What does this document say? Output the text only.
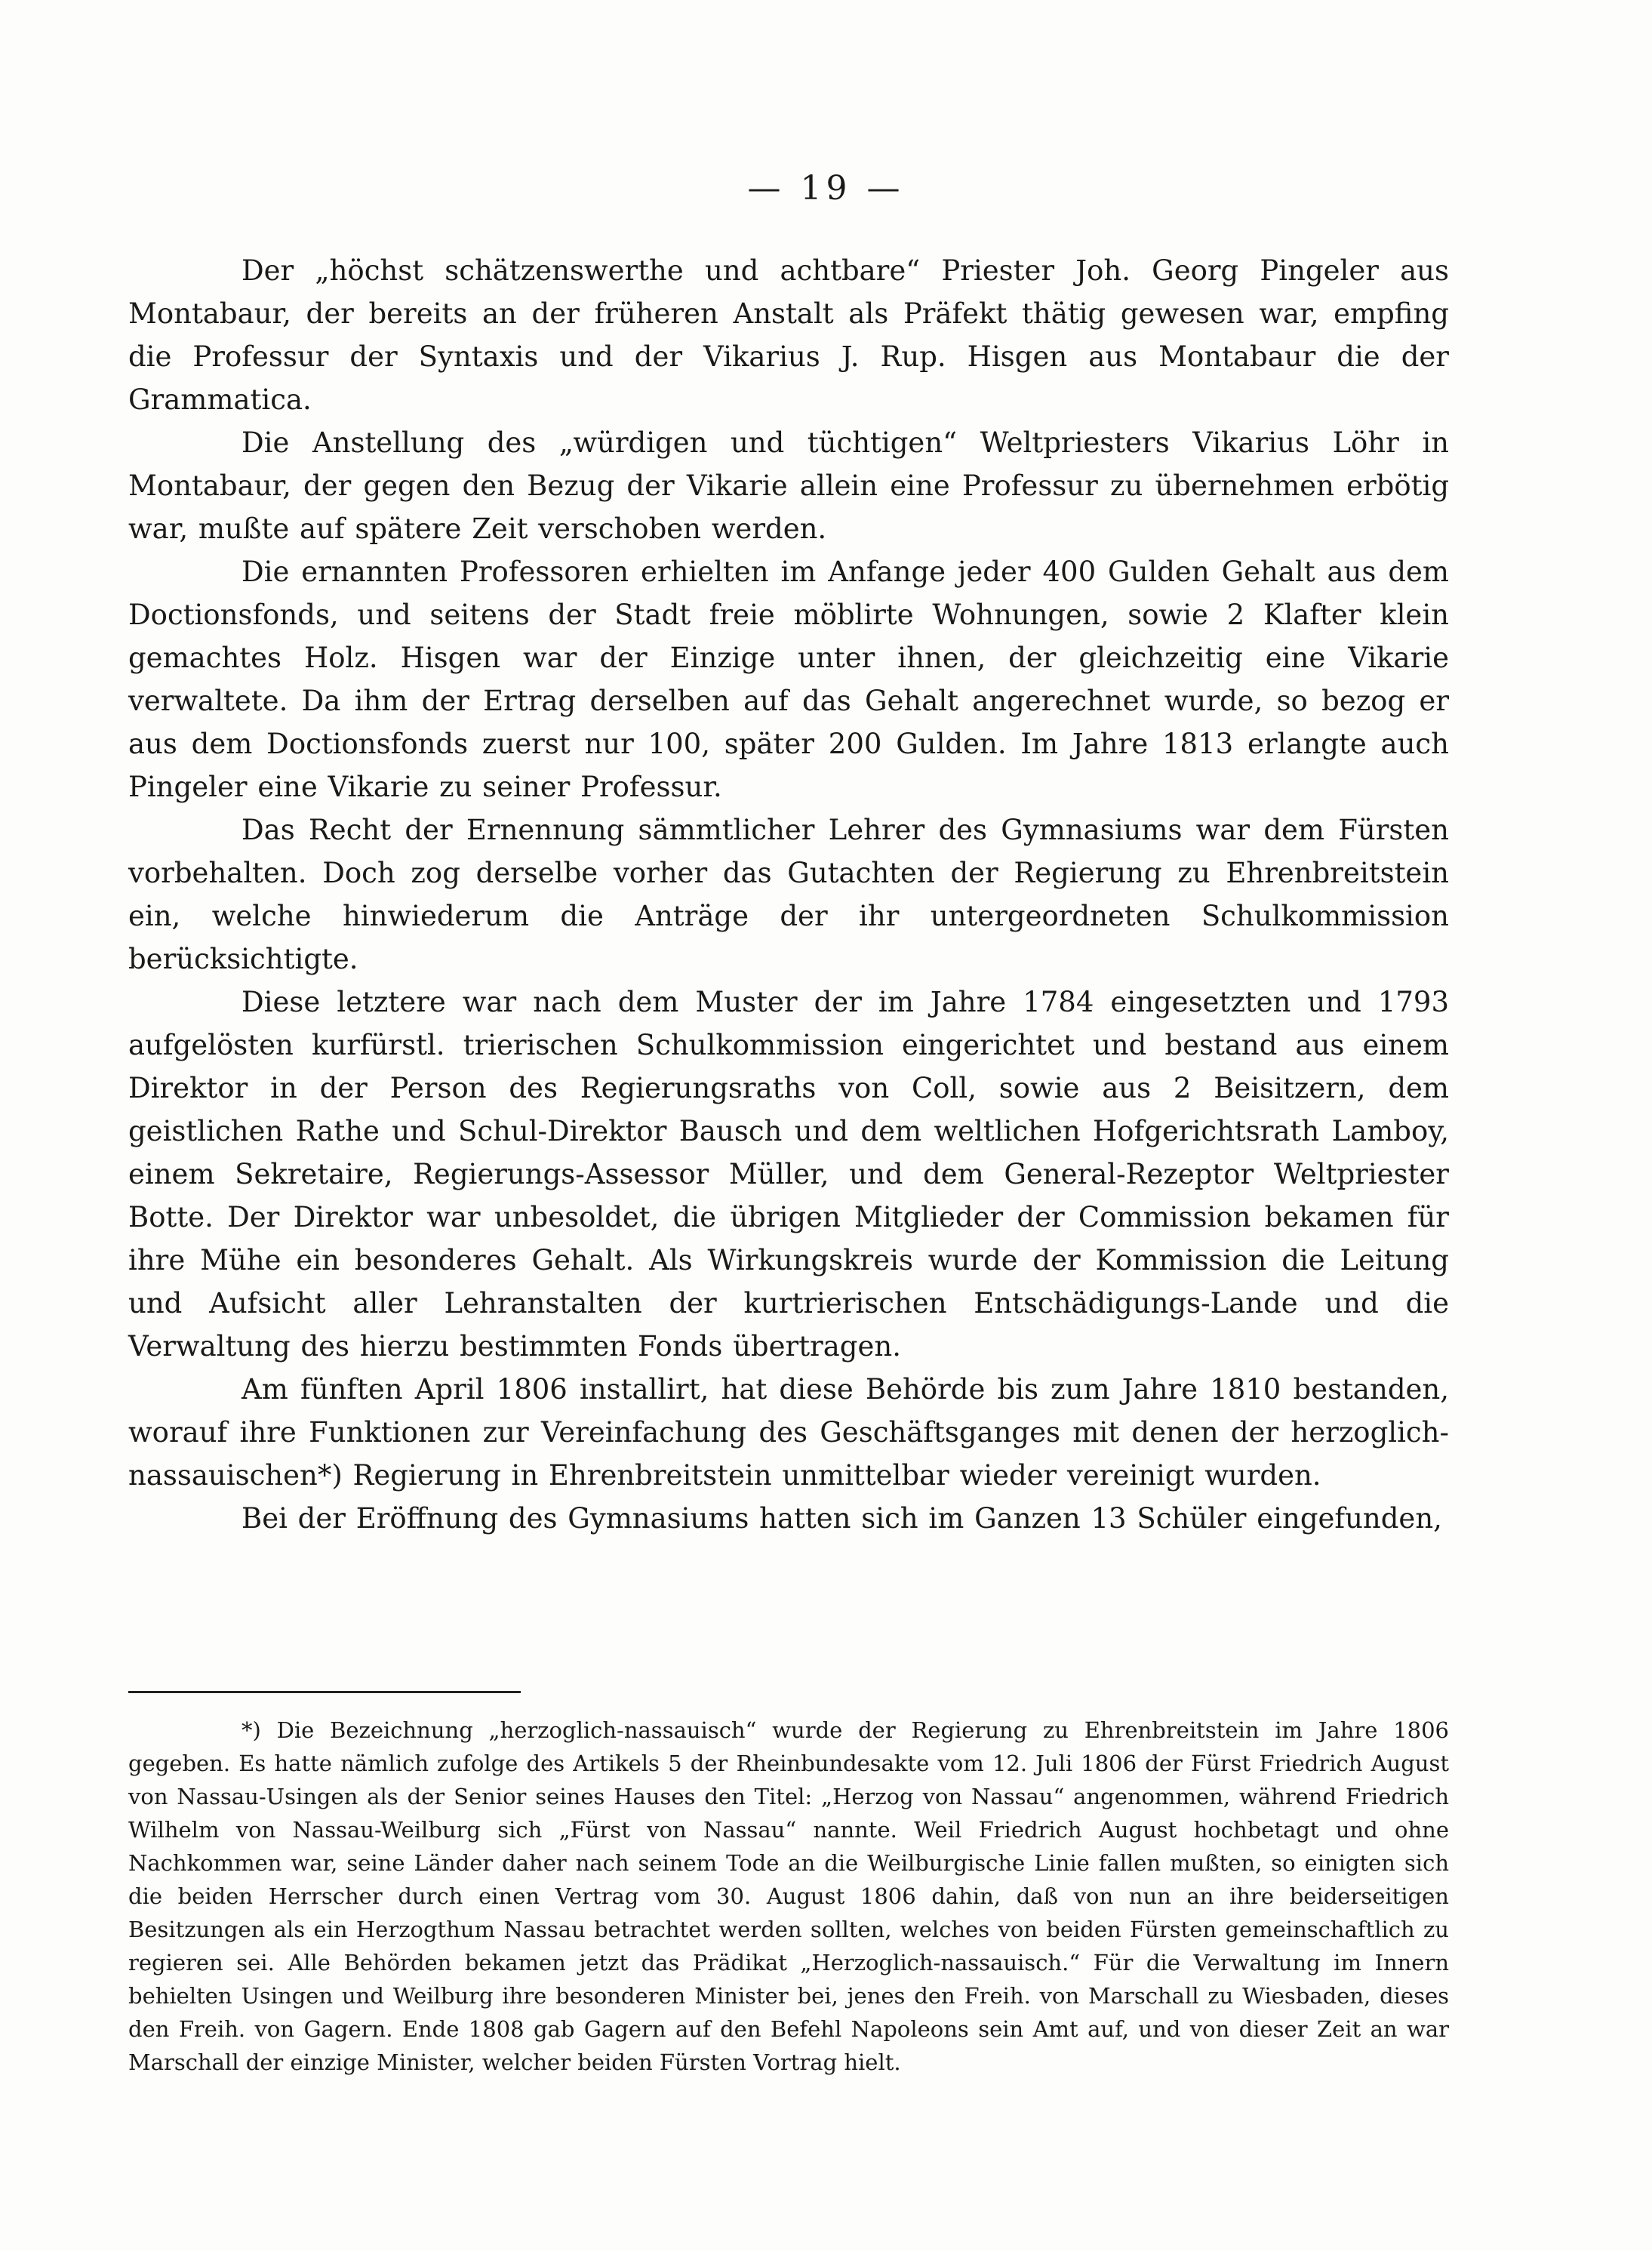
— 19 —

Der „höchst schätzenswerthe und achtbare“ Priester Joh. Georg Pingeler aus Montabaur, der bereits an der früheren Anstalt als Präfekt thätig gewesen war, empfing die Professur der Syntaxis und der Vikarius J. Rup. Hisgen aus Montabaur die der Grammatica.

Die Anstellung des „würdigen und tüchtigen“ Weltpriesters Vikarius Löhr in Montabaur, der gegen den Bezug der Vikarie allein eine Professur zu übernehmen erbötig war, mußte auf spätere Zeit verschoben werden.

Die ernannten Professoren erhielten im Anfange jeder 400 Gulden Gehalt aus dem Doctionsfonds, und seitens der Stadt freie möblirte Wohnungen, sowie 2 Klafter klein gemachtes Holz. Hisgen war der Einzige unter ihnen, der gleichzeitig eine Vikarie verwaltete. Da ihm der Ertrag derselben auf das Gehalt angerechnet wurde, so bezog er aus dem Doctionsfonds zuerst nur 100, später 200 Gulden. Im Jahre 1813 erlangte auch Pingeler eine Vikarie zu seiner Professur.

Das Recht der Ernennung sämmtlicher Lehrer des Gymnasiums war dem Fürsten vorbehalten. Doch zog derselbe vorher das Gutachten der Regierung zu Ehrenbreitstein ein, welche hinwiederum die Anträge der ihr untergeordneten Schulkommission berücksichtigte.

Diese letztere war nach dem Muster der im Jahre 1784 eingesetzten und 1793 aufgelösten kurfürstl. trierischen Schulkommission eingerichtet und bestand aus einem Direktor in der Person des Regierungsraths von Coll, sowie aus 2 Beisitzern, dem geistlichen Rathe und Schul-Direktor Bausch und dem weltlichen Hofgerichtsrath Lamboy, einem Sekretaire, Regierungs-Assessor Müller, und dem General-Rezeptor Weltpriester Botte. Der Direktor war unbesoldet, die übrigen Mitglieder der Commission bekamen für ihre Mühe ein besonderes Gehalt. Als Wirkungskreis wurde der Kommission die Leitung und Aufsicht aller Lehranstalten der kurtrierischen Entschädigungs-Lande und die Verwaltung des hierzu bestimmten Fonds übertragen.

Am fünften April 1806 installirt, hat diese Behörde bis zum Jahre 1810 bestanden, worauf ihre Funktionen zur Vereinfachung des Geschäftsganges mit denen der herzoglich-nassauischen*) Regierung in Ehrenbreitstein unmittelbar wieder vereinigt wurden.

Bei der Eröffnung des Gymnasiums hatten sich im Ganzen 13 Schüler eingefunden,

*) Die Bezeichnung „herzoglich-nassauisch“ wurde der Regierung zu Ehrenbreitstein im Jahre 1806 gegeben. Es hatte nämlich zufolge des Artikels 5 der Rheinbundesakte vom 12. Juli 1806 der Fürst Friedrich August von Nassau-Usingen als der Senior seines Hauses den Titel: „Herzog von Nassau“ angenommen, während Friedrich Wilhelm von Nassau-Weilburg sich „Fürst von Nassau“ nannte. Weil Friedrich August hochbetagt und ohne Nachkommen war, seine Länder daher nach seinem Tode an die Weilburgische Linie fallen mußten, so einigten sich die beiden Herrscher durch einen Vertrag vom 30. August 1806 dahin, daß von nun an ihre beiderseitigen Besitzungen als ein Herzogthum Nassau betrachtet werden sollten, welches von beiden Fürsten gemeinschaftlich zu regieren sei. Alle Behörden bekamen jetzt das Prädikat „Herzoglich-nassauisch.“ Für die Verwaltung im Innern behielten Usingen und Weilburg ihre besonderen Minister bei, jenes den Freih. von Marschall zu Wiesbaden, dieses den Freih. von Gagern. Ende 1808 gab Gagern auf den Befehl Napoleons sein Amt auf, und von dieser Zeit an war Marschall der einzige Minister, welcher beiden Fürsten Vortrag hielt.
